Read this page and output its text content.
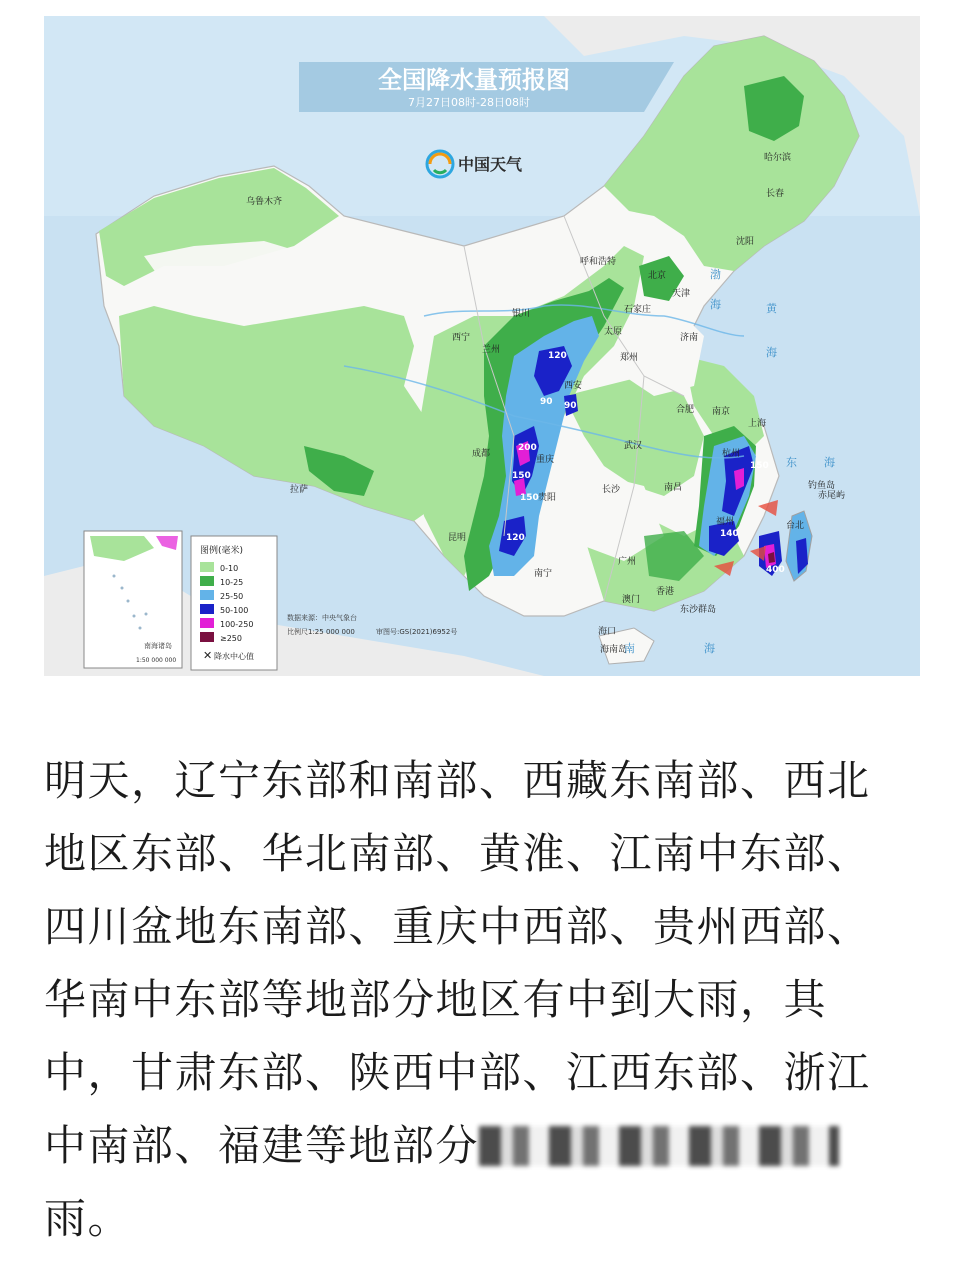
全国降水量预报图
7月27日08时-28日08时
中国天气
乌鲁木齐
哈尔滨
长春
沈阳
呼和浩特
北京
天津
石家庄
太原
济南
银川
西宁
兰州
西安
郑州
合肥 南京
上海
杭州
武汉
成都
重庆
拉萨
贵阳
长沙	南昌
福州	台北
昆明
南宁
广州
香港
澳门
海口
海南岛
钓鱼岛
赤尾屿
东沙群岛
渤
海	黄
海
东 海
南	海
120
90 90
200
150
150
120
150
140
400
南海诸岛
1:50 000 000
图例(毫米)
0-10
10-25
25-50
50-100
100-250
≥250
✕ 降水中心值
数据来源：中央气象台
比例尺1:25 000 000	审图号:GS(2021)6952号

明天，辽宁东部和南部、西藏东南部、西北

地区东部、华北南部、黄淮、江南中东部、

四川盆地东南部、重庆中西部、贵州西部、

华南中东部等地部分地区有中到大雨，其

中，甘肃东部、陕西中部、江西东部、浙江

中南部、福建等地部分

雨。
